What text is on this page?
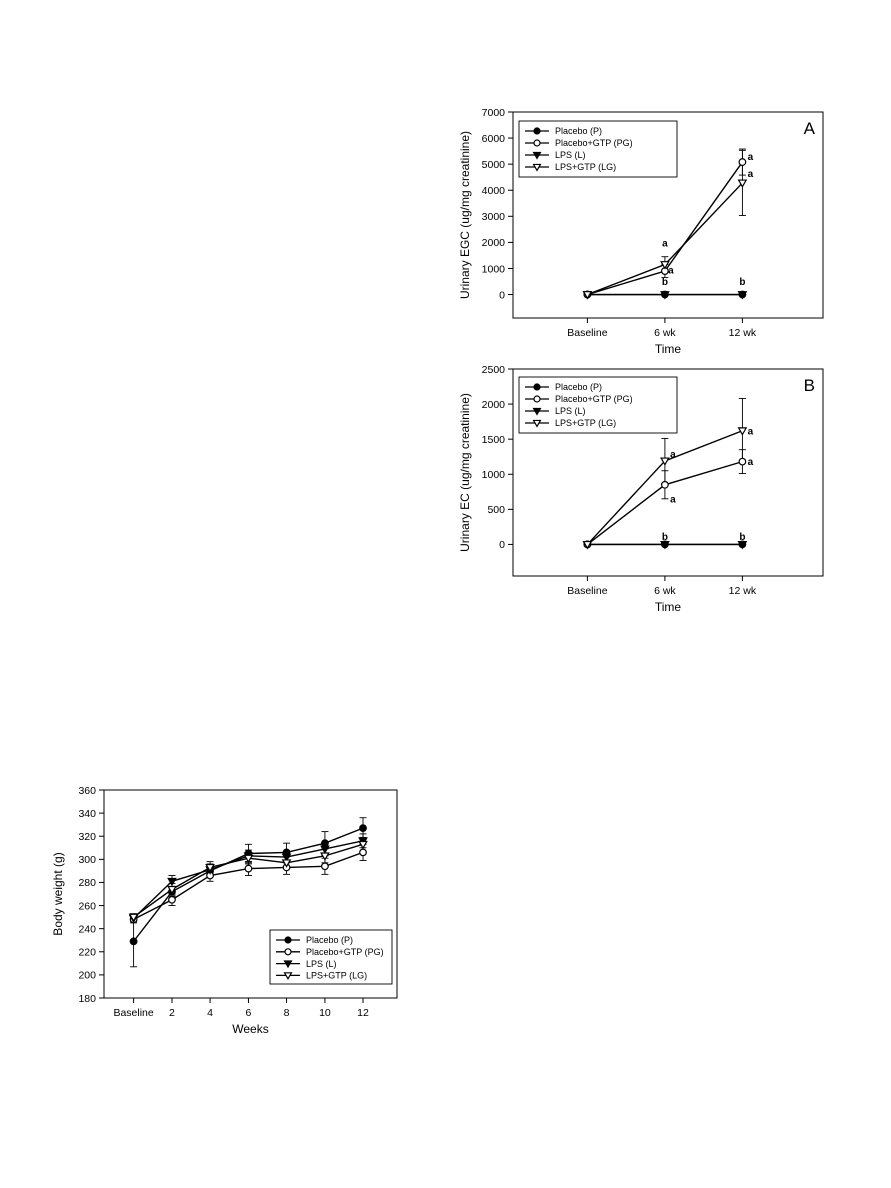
0
1000
2000
3000
4000
5000
6000
7000
Baseline	6 wk	12 wk
Time
Urinary EGC (ug/mg creatinine)
A
a
a
b
a
a
b
Placebo (P)
Placebo+GTP (PG)
LPS (L)
LPS+GTP (LG)
0
500
1000
1500
2000
2500
Baseline	6 wk	12 wk
Time
Urinary EC (ug/mg creatinine)
B
a
a
b
a
a
b
Placebo (P)
Placebo+GTP (PG)
LPS (L)
LPS+GTP (LG)
180
200
220
240
260
280
300
320
340
360
Baseline 2	4	6	8	10	12
Weeks
Body weight (g)
Placebo (P)
Placebo+GTP (PG)
LPS (L)
LPS+GTP (LG)
